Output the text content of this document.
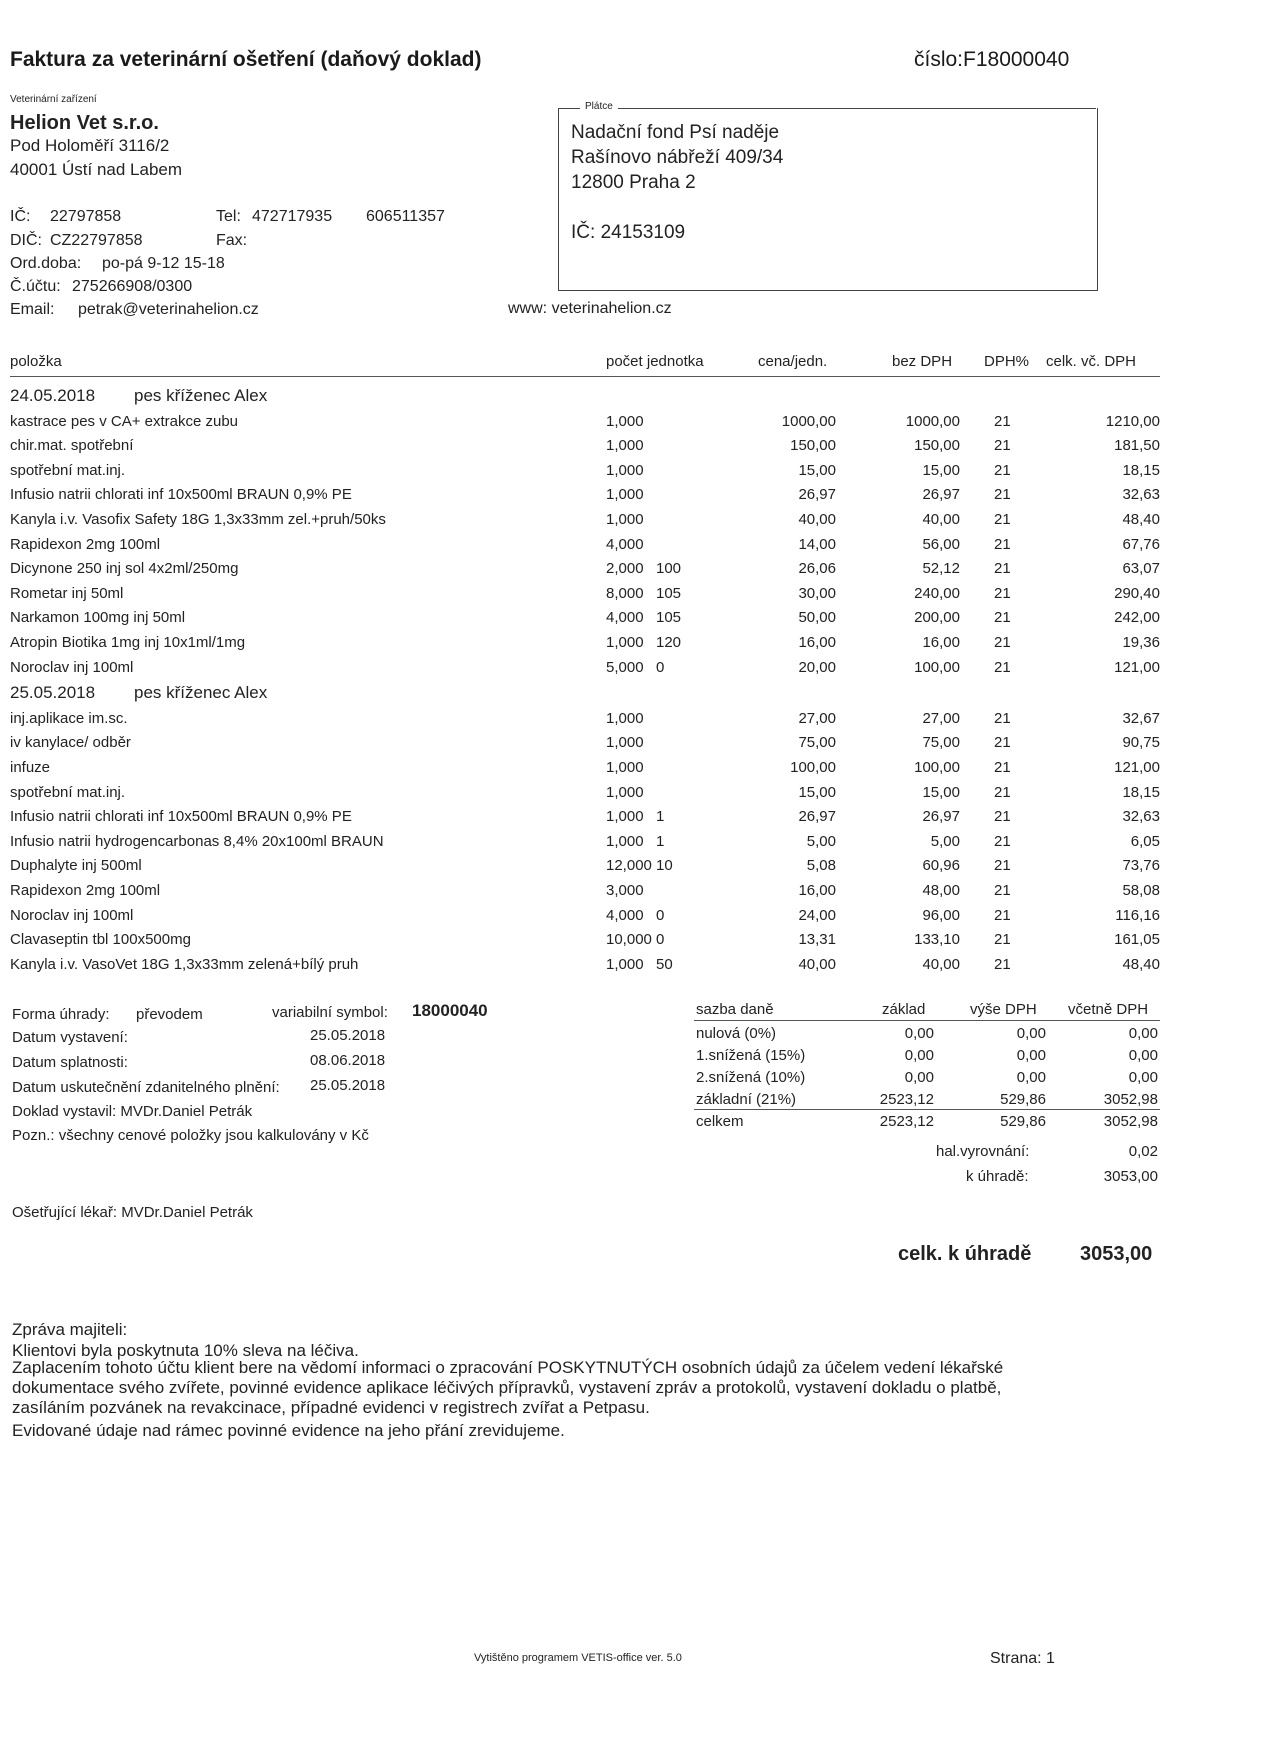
Faktura za veterinární ošetření (daňový doklad)	číslo:F18000040
Veterinární zařízení
Helion Vet s.r.o.
Pod Holoměří 3116/2
40001 Ústí nad Labem
IČ: 22797858	Tel: 472717935 606511357
DIČ: CZ22797858	Fax:
Ord.doba: po-pá 9-12 15-18
Č.účtu: 275266908/0300
Email: petrak@veterinahelion.cz	www: veterinahelion.cz
Plátce
Nadační fond Psí naděje
Rašínovo nábřeží 409/34
12800 Praha 2
IČ: 24153109
položka	počet jednotka	cena/jedn.	bez DPH DPH% celk. vč. DPH
24.05.2018 pes kříženec Alex
kastrace pes v CA+ extrakce zubu	1,000	1000,00	1000,00 21	1210,00
chir.mat. spotřební	1,000	150,00	150,00 21	181,50
spotřební mat.inj.	1,000	15,00	15,00 21	18,15
Infusio natrii chlorati inf 10x500ml BRAUN 0,9% PE	1,000	26,97	26,97 21	32,63
Kanyla i.v. Vasofix Safety 18G 1,3x33mm zel.+pruh/50ks	1,000	40,00	40,00 21	48,40
Rapidexon 2mg 100ml	4,000	14,00	56,00 21	67,76
Dicynone 250 inj sol 4x2ml/250mg	2,000 100	26,06	52,12 21	63,07
Rometar inj 50ml	8,000 105	30,00	240,00 21	290,40
Narkamon 100mg inj 50ml	4,000 105	50,00	200,00 21	242,00
Atropin Biotika 1mg inj 10x1ml/1mg	1,000 120	16,00	16,00 21	19,36
Noroclav inj 100ml	5,000 0	20,00	100,00 21	121,00
25.05.2018 pes kříženec Alex
inj.aplikace im.sc.	1,000	27,00	27,00 21	32,67
iv kanylace/ odběr	1,000	75,00	75,00 21	90,75
infuze	1,000	100,00	100,00 21	121,00
spotřební mat.inj.	1,000	15,00	15,00 21	18,15
Infusio natrii chlorati inf 10x500ml BRAUN 0,9% PE	1,000 1	26,97	26,97 21	32,63
Infusio natrii hydrogencarbonas 8,4% 20x100ml BRAUN	1,000 1	5,00	5,00 21	6,05
Duphalyte inj 500ml	12,000 10	5,08	60,96 21	73,76
Rapidexon 2mg 100ml	3,000	16,00	48,00 21	58,08
Noroclav inj 100ml	4,000 0	24,00	96,00 21	116,16
Clavaseptin tbl 100x500mg	10,000 0	13,31	133,10 21	161,05
Kanyla i.v. VasoVet 18G 1,3x33mm zelená+bílý pruh	1,000 50	40,00	40,00 21	48,40
Forma úhrady: převodem	variabilní symbol: 18000040
Datum vystavení:	25.05.2018
Datum splatnosti:	08.06.2018
Datum uskutečnění zdanitelného plnění: 25.05.2018
Doklad vystavil: MVDr.Daniel Petrák
Pozn.: všechny cenové položky jsou kalkulovány v Kč
Ošetřující lékař: MVDr.Daniel Petrák
sazba daně	základ	výše DPH včetně DPH
nulová (0%)	0,00	0,00	0,00
1.snížená (15%)	0,00	0,00	0,00
2.snížená (10%)	0,00	0,00	0,00
základní (21%)	2523,12	529,86	3052,98
celkem	2523,12	529,86	3052,98
hal.vyrovnání:	0,02
k úhradě:	3053,00
celk. k úhradě 3053,00
Zpráva majiteli:
Klientovi byla poskytnuta 10% sleva na léčiva.
Zaplacením tohoto účtu klient bere na vědomí informaci o zpracování POSKYTNUTÝCH osobních údajů za účelem vedení lékařské
dokumentace svého zvířete, povinné evidence aplikace léčivých přípravků, vystavení zpráv a protokolů, vystavení dokladu o platbě,
zasíláním pozvánek na revakcinace, případné evidenci v registrech zvířat a Petpasu.
Evidované údaje nad rámec povinné evidence na jeho přání zrevidujeme.
Vytištěno programem VETIS-office ver. 5.0	Strana: 1
